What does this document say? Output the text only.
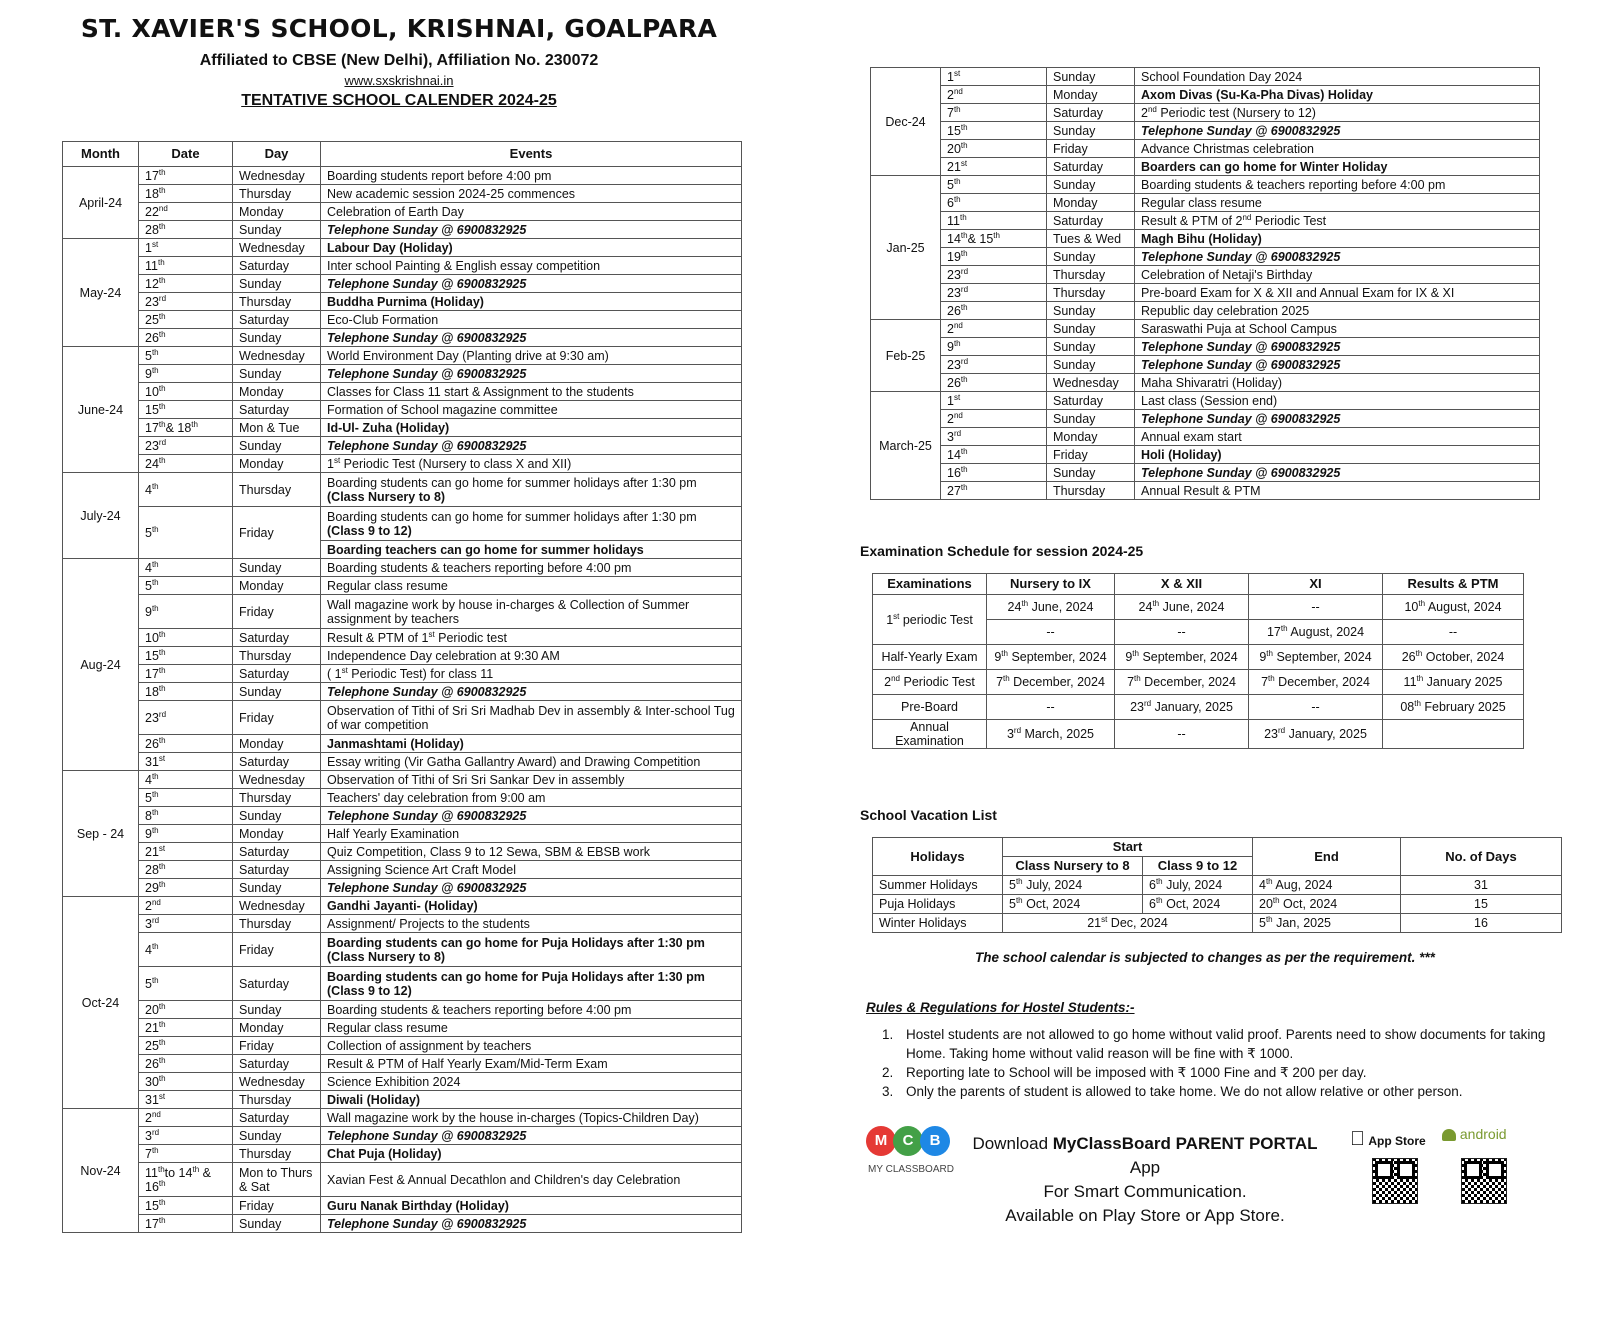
ST. XAVIER'S SCHOOL, KRISHNAI, GOALPARA
Affiliated to CBSE (New Delhi), Affiliation No. 230072
www.sxskrishnai.in
TENTATIVE SCHOOL CALENDER 2024-25
Month	Date	Day	Events
April-24	17th	Wednesday	Boarding students report before 4:00 pm
	18th	Thursday	New academic session 2024-25 commences
	22nd	Monday	Celebration of Earth Day
	28th	Sunday	Telephone Sunday @ 6900832925
May-24	1st	Wednesday	Labour Day (Holiday)
	11th	Saturday	Inter school Painting & English essay competition
	12th	Sunday	Telephone Sunday @ 6900832925
	23rd	Thursday	Buddha Purnima (Holiday)
	25th	Saturday	Eco-Club Formation
	26th	Sunday	Telephone Sunday @ 6900832925
June-24	5th	Wednesday	World Environment Day (Planting drive at 9:30 am)
	9th	Sunday	Telephone Sunday @ 6900832925
	10th	Monday	Classes for Class 11 start & Assignment to the students
	15th	Saturday	Formation of School magazine committee
	17th& 18th	Mon & Tue	Id-Ul- Zuha (Holiday)
	23rd	Sunday	Telephone Sunday @ 6900832925
	24th	Monday	1st Periodic Test (Nursery to class X and XII)
July-24	4th	Thursday	Boarding students can go home for summer holidays after 1:30 pm
(Class Nursery to 8)
	5th	Friday	Boarding students can go home for summer holidays after 1:30 pm
(Class 9 to 12)
			Boarding teachers can go home for summer holidays
Aug-24	4th	Sunday	Boarding students & teachers reporting before 4:00 pm
	5th	Monday	Regular class resume
	9th	Friday	Wall magazine work by house in-charges & Collection of Summer assignment by teachers
	10th	Saturday	Result & PTM of 1st Periodic test
	15th	Thursday	Independence Day celebration at 9:30 AM
	17th	Saturday	( 1st Periodic Test) for class 11
	18th	Sunday	Telephone Sunday @ 6900832925
	23rd	Friday	Observation of Tithi of Sri Sri Madhab Dev in assembly & Inter-school Tug of war competition
	26th	Monday	Janmashtami (Holiday)
	31st	Saturday	Essay writing (Vir Gatha Gallantry Award) and Drawing Competition
Sep - 24	4th	Wednesday	Observation of Tithi of Sri Sri Sankar Dev in assembly
	5th	Thursday	Teachers' day celebration from 9:00 am
	8th	Sunday	Telephone Sunday @ 6900832925
	9th	Monday	Half Yearly Examination
	21st	Saturday	Quiz Competition, Class 9 to 12 Sewa, SBM & EBSB work
	28th	Saturday	Assigning Science Art Craft Model
	29th	Sunday	Telephone Sunday @ 6900832925
Oct-24	2nd	Wednesday	Gandhi Jayanti- (Holiday)
	3rd	Thursday	Assignment/ Projects to the students
	4th	Friday	Boarding students can go home for Puja Holidays after 1:30 pm
(Class Nursery to 8)
	5th	Saturday	Boarding students can go home for Puja Holidays after 1:30 pm
(Class 9 to 12)
	20th	Sunday	Boarding students & teachers reporting before 4:00 pm
	21th	Monday	Regular class resume
	25th	Friday	Collection of assignment by teachers
	26th	Saturday	Result & PTM of Half Yearly Exam/Mid-Term Exam
	30th	Wednesday	Science Exhibition 2024
	31st	Thursday	Diwali (Holiday)
Nov-24	2nd	Saturday	Wall magazine work by the house in-charges (Topics-Children Day)
	3rd	Sunday	Telephone Sunday @ 6900832925
	7th	Thursday	Chat Puja (Holiday)
	11thto 14th & 16th	Mon to Thurs & Sat	Xavian Fest & Annual Decathlon and Children's day Celebration
	15th	Friday	Guru Nanak Birthday (Holiday)
	17th	Sunday	Telephone Sunday @ 6900832925
Dec-24	1st	Sunday	School Foundation Day 2024
	2nd	Monday	Axom Divas (Su-Ka-Pha Divas) Holiday
	7th	Saturday	2nd Periodic test (Nursery to 12)
	15th	Sunday	Telephone Sunday @ 6900832925
	20th	Friday	Advance Christmas celebration
	21st	Saturday	Boarders can go home for Winter Holiday
Jan-25	5th	Sunday	Boarding students & teachers reporting before 4:00 pm
	6th	Monday	Regular class resume
	11th	Saturday	Result & PTM of 2nd Periodic Test
	14th& 15th	Tues & Wed	Magh Bihu (Holiday)
	19th	Sunday	Telephone Sunday @ 6900832925
	23rd	Thursday	Celebration of Netaji's Birthday
	23rd	Thursday	Pre-board Exam for X & XII and Annual Exam for IX & XI
	26th	Sunday	Republic day celebration 2025
Feb-25	2nd	Sunday	Saraswathi Puja at School Campus
	9th	Sunday	Telephone Sunday @ 6900832925
	23rd	Sunday	Telephone Sunday @ 6900832925
	26th	Wednesday	Maha Shivaratri (Holiday)
March-25	1st	Saturday	Last class (Session end)
	2nd	Sunday	Telephone Sunday @ 6900832925
	3rd	Monday	Annual exam start
	14th	Friday	Holi (Holiday)
	16th	Sunday	Telephone Sunday @ 6900832925
	27th	Thursday	Annual Result & PTM
Examination Schedule for session 2024-25
Examinations	Nursery to IX	X & XII	XI	Results & PTM
1st periodic Test	24th June, 2024	24th June, 2024	--	10th August, 2024
	--	--	17th August, 2024	--
Half-Yearly Exam	9th September, 2024	9th September, 2024	9th September, 2024	26th October, 2024
2nd Periodic Test	7th December, 2024	7th December, 2024	7th December, 2024	11th January 2025
Pre-Board	--	23rd January, 2025	--	08th February 2025
Annual Examination	3rd March, 2025	--	23rd January, 2025	
School Vacation List
Holidays	Start		End	No. of Days
	Class Nursery to 8	Class 9 to 12		
Summer Holidays	5th July, 2024	6th July, 2024	4th Aug, 2024	31
Puja Holidays	5th Oct, 2024	6th Oct, 2024	20th Oct, 2024	15
Winter Holidays	21st Dec, 2024		5th Jan, 2025	16
The school calendar is subjected to changes as per the requirement. ***
Rules & Regulations for Hostel Students:-
1. Hostel students are not allowed to go home without valid proof. Parents need to show documents for taking Home. Taking home without valid reason will be fine with ₹ 1000.
2. Reporting late to School will be imposed with ₹ 1000 Fine and ₹ 200 per day.
3. Only the parents of student is allowed to take home. We do not allow relative or other person.
M	C	B
MY CLASSBOARD
Download MyClassBoard PARENT PORTAL App
For Smart Communication.
Available on Play Store or App Store.
App Store	android
